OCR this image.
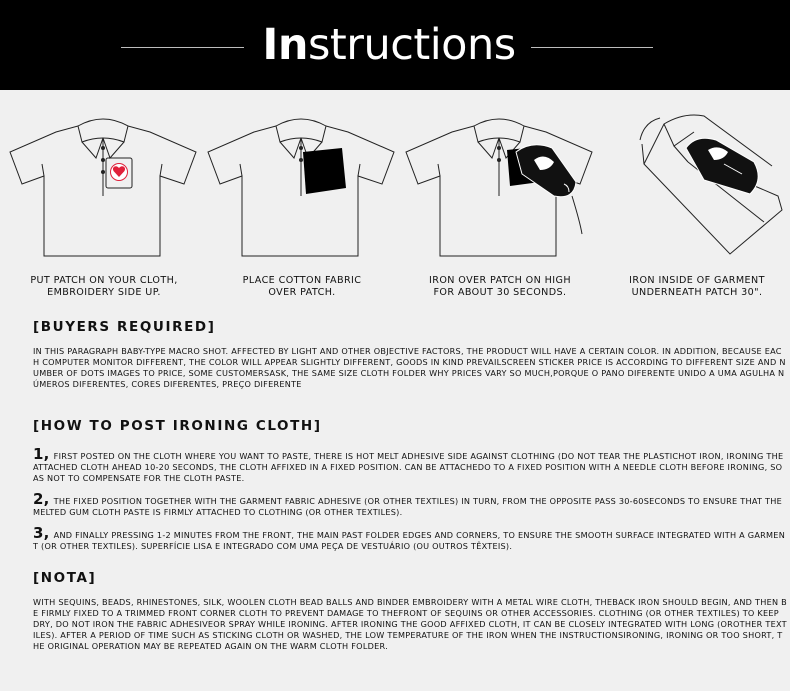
Instructions
PUT PATCH ON YOUR CLOTH,
EMBROIDERY SIDE UP.
PLACE COTTON FABRIC
OVER PATCH.
IRON OVER PATCH ON HIGH
FOR ABOUT 30 SECONDS.
IRON INSIDE OF GARMENT
UNDERNEATH PATCH 30".
[BUYERS REQUIRED]
IN THIS PARAGRAPH BABY-TYPE MACRO SHOT. AFFECTED BY LIGHT AND OTHER OBJECTIVE FACTORS, THE PRODUCT WILL HAVE A CERTAIN COLOR. IN ADDITION, BECAUSE EACH COMPUTER MONITOR DIFFERENT, THE COLOR WILL APPEAR SLIGHTLY DIFFERENT, GOODS IN KIND PREVAILSCREEN STICKER PRICE IS ACCORDING TO DIFFERENT SIZE AND NUMBER OF DOTS IMAGES TO PRICE, SOME CUSTOMERSASK, THE SAME SIZE CLOTH FOLDER WHY PRICES VARY SO MUCH,PORQUE O PANO DIFERENTE UNIDO A UMA AGULHA NÚMEROS DIFERENTES, CORES DIFERENTES, PREÇO DIFERENTE
[HOW TO POST IRONING CLOTH]
1, FIRST POSTED ON THE CLOTH WHERE YOU WANT TO PASTE, THERE IS HOT MELT ADHESIVE SIDE AGAINST CLOTHING (DO NOT TEAR THE PLASTICHOT IRON, IRONING THE ATTACHED CLOTH AHEAD 10-20 SECONDS, THE CLOTH AFFIXED IN A FIXED POSITION. CAN BE ATTACHEDO TO A FIXED POSITION WITH A NEEDLE CLOTH BEFORE IRONING, SO AS NOT TO COMPENSATE FOR THE CLOTH PASTE.
2, THE FIXED POSITION TOGETHER WITH THE GARMENT FABRIC ADHESIVE (OR OTHER TEXTILES) IN TURN, FROM THE OPPOSITE PASS 30-60SECONDS TO ENSURE THAT THE MELTED GUM CLOTH PASTE IS FIRMLY ATTACHED TO CLOTHING (OR OTHER TEXTILES).
3, AND FINALLY PRESSING 1-2 MINUTES FROM THE FRONT, THE MAIN PAST FOLDER EDGES AND CORNERS, TO ENSURE THE SMOOTH SURFACE INTEGRATED WITH A GARMENT (OR OTHER TEXTILES). SUPERFÍCIE LISA E INTEGRADO COM UMA PEÇA DE VESTUÁRIO (OU OUTROS TÊXTEIS).
[NOTA]
WITH SEQUINS, BEADS, RHINESTONES, SILK, WOOLEN CLOTH BEAD BALLS AND BINDER EMBROIDERY WITH A METAL WIRE CLOTH, THEBACK IRON SHOULD BEGIN, AND THEN BE FIRMLY FIXED TO A TRIMMED FRONT CORNER CLOTH TO PREVENT DAMAGE TO THEFRONT OF SEQUINS OR OTHER ACCESSORIES. CLOTHING (OR OTHER TEXTILES) TO KEEP DRY, DO NOT IRON THE FABRIC ADHESIVEOR SPRAY WHILE IRONING. AFTER IRONING THE GOOD AFFIXED CLOTH, IT CAN BE CLOSELY INTEGRATED WITH LONG (OROTHER TEXTILES). AFTER A PERIOD OF TIME SUCH AS STICKING CLOTH OR WASHED, THE LOW TEMPERATURE OF THE IRON WHEN THE INSTRUCTIONSIRONING, IRONING OR TOO SHORT, THE ORIGINAL OPERATION MAY BE REPEATED AGAIN ON THE WARM CLOTH FOLDER.
